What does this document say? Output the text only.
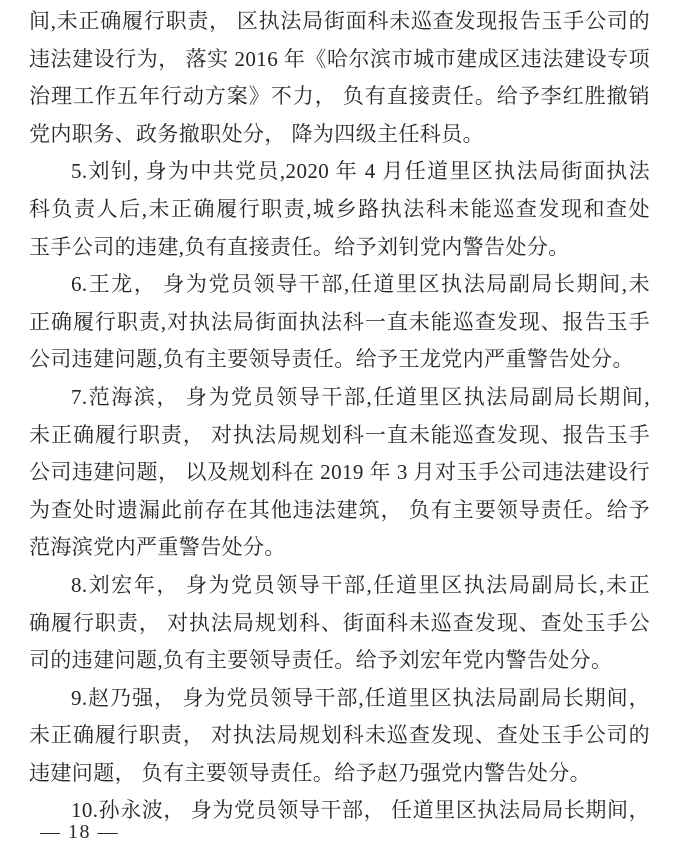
间,未正确履行职责， 区执法局街面科未巡查发现报告玉手公司的
违法建设行为， 落实 2016 年《哈尔滨市城市建成区违法建设专项
治理工作五年行动方案》不力， 负有直接责任。给予李红胜撤销
党内职务、政务撤职处分， 降为四级主任科员。
5.刘钊, 身为中共党员,2020 年 4 月任道里区执法局街面执法
科负责人后,未正确履行职责,城乡路执法科未能巡查发现和查处
玉手公司的违建,负有直接责任。给予刘钊党内警告处分。
6.王龙， 身为党员领导干部,任道里区执法局副局长期间,未
正确履行职责,对执法局街面执法科一直未能巡查发现、报告玉手
公司违建问题,负有主要领导责任。给予王龙党内严重警告处分。
7.范海滨， 身为党员领导干部,任道里区执法局副局长期间,
未正确履行职责， 对执法局规划科一直未能巡查发现、报告玉手
公司违建问题， 以及规划科在 2019 年 3 月对玉手公司违法建设行
为查处时遗漏此前存在其他违法建筑， 负有主要领导责任。给予
范海滨党内严重警告处分。
8.刘宏年， 身为党员领导干部,任道里区执法局副局长,未正
确履行职责， 对执法局规划科、街面科未巡查发现、查处玉手公
司的违建问题,负有主要领导责任。给予刘宏年党内警告处分。
9.赵乃强， 身为党员领导干部,任道里区执法局副局长期间，
未正确履行职责， 对执法局规划科未巡查发现、查处玉手公司的
违建问题， 负有主要领导责任。给予赵乃强党内警告处分。
10.孙永波， 身为党员领导干部， 任道里区执法局局长期间，
— 18 —
